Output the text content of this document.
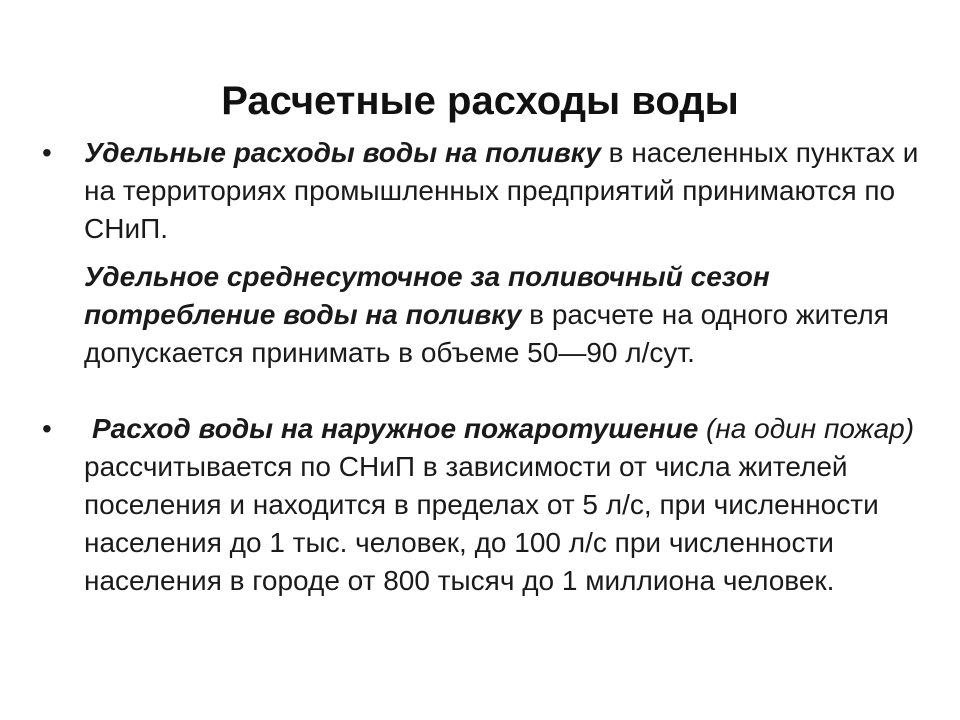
Расчетные расходы воды
• Удельные расходы воды на поливку в населенных пунктах и на территориях промышленных предприятий принимаются по СНиП.

Удельное среднесуточное за поливочный сезон потребление воды на поливку в расчете на одного жителя допускается принимать в объеме 50—90 л/сут.

• Расход воды на наружное пожаротушение (на один пожар) рассчитывается по СНиП в зависимости от числа жителей поселения и находится в пределах от 5 л/с, при численности населения до 1 тыс. человек, до 100 л/с при численности населения в городе от 800 тысяч до 1 миллиона человек.
